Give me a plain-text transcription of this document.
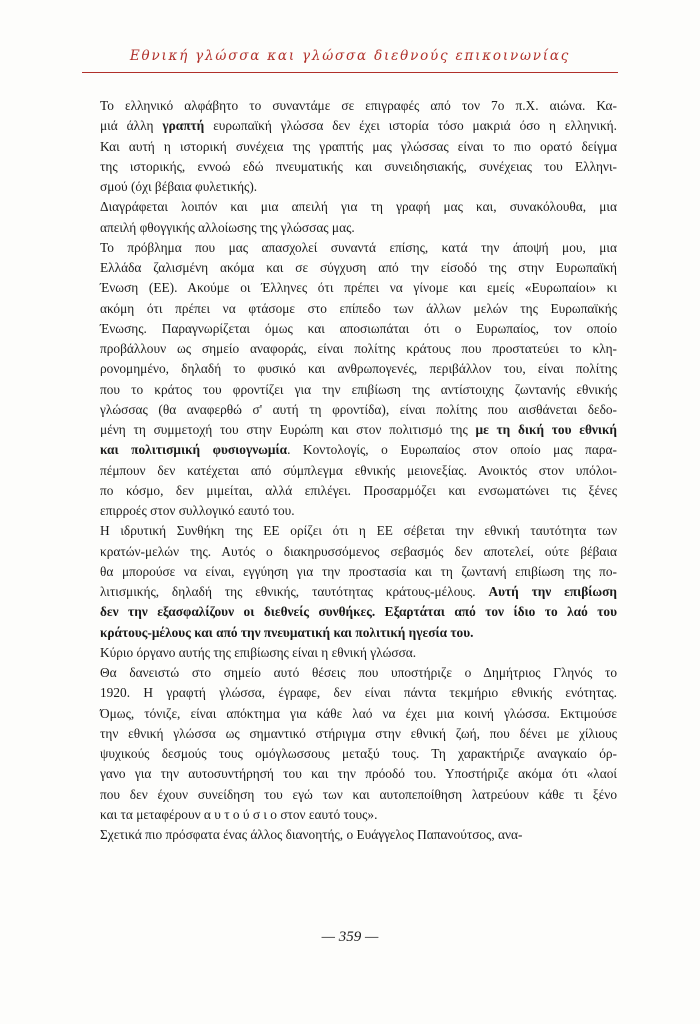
Εθνική γλώσσα και γλώσσα διεθνούς επικοινωνίας

Το ελληνικό αλφάβητο το συναντάμε σε επιγραφές από τον 7ο π.Χ. αιώνα. Κα-
μιά άλλη γραπτή ευρωπαϊκή γλώσσα δεν έχει ιστορία τόσο μακριά όσο η ελληνική.
Και αυτή η ιστορική συνέχεια της γραπτής μας γλώσσας είναι το πιο ορατό δείγμα
της ιστορικής, εννοώ εδώ πνευματικής και συνειδησιακής, συνέχειας του Ελληνι-
σμού (όχι βέβαια φυλετικής).

Διαγράφεται λοιπόν και μια απειλή για τη γραφή μας και, συνακόλουθα, μια
απειλή φθογγικής αλλοίωσης της γλώσσας μας.

Το πρόβλημα που μας απασχολεί συναντά επίσης, κατά την άποψή μου, μια
Ελλάδα ζαλισμένη ακόμα και σε σύγχυση από την είσοδό της στην Ευρωπαϊκή
Ένωση (ΕΕ). Ακούμε οι Έλληνες ότι πρέπει να γίνομε και εμείς «Ευρωπαίοι» κι
ακόμη ότι πρέπει να φτάσομε στο επίπεδο των άλλων μελών της Ευρωπαϊκής
Ένωσης. Παραγνωρίζεται όμως και αποσιωπάται ότι ο Ευρωπαίος, τον οποίο
προβάλλουν ως σημείο αναφοράς, είναι πολίτης κράτους που προστατεύει το κλη-
ρονομημένο, δηλαδή το φυσικό και ανθρωπογενές, περιβάλλον του, είναι πολίτης
που το κράτος του φροντίζει για την επιβίωση της αντίστοιχης ζωντανής εθνικής
γλώσσας (θα αναφερθώ σ' αυτή τη φροντίδα), είναι πολίτης που αισθάνεται δεδο-
μένη τη συμμετοχή του στην Ευρώπη και στον πολιτισμό της με τη δική του εθνική
και πολιτισμική φυσιογνωμία. Κοντολογίς, ο Ευρωπαίος στον οποίο μας παρα-
πέμπουν δεν κατέχεται από σύμπλεγμα εθνικής μειονεξίας. Ανοικτός στον υπόλοι-
πο κόσμο, δεν μιμείται, αλλά επιλέγει. Προσαρμόζει και ενσωματώνει τις ξένες
επιρροές στον συλλογικό εαυτό του.

Η ιδρυτική Συνθήκη της ΕΕ ορίζει ότι η ΕΕ σέβεται την εθνική ταυτότητα των
κρατών-μελών της. Αυτός ο διακηρυσσόμενος σεβασμός δεν αποτελεί, ούτε βέβαια
θα μπορούσε να είναι, εγγύηση για την προστασία και τη ζωντανή επιβίωση της πο-
λιτισμικής, δηλαδή της εθνικής, ταυτότητας κράτους-μέλους. Αυτή την επιβίωση
δεν την εξασφαλίζουν οι διεθνείς συνθήκες. Εξαρτάται από τον ίδιο το λαό του
κράτους-μέλους και από την πνευματική και πολιτική ηγεσία του.

Κύριο όργανο αυτής της επιβίωσης είναι η εθνική γλώσσα.

Θα δανειστώ στο σημείο αυτό θέσεις που υποστήριζε ο Δημήτριος Γληνός το
1920. Η γραφτή γλώσσα, έγραφε, δεν είναι πάντα τεκμήριο εθνικής ενότητας.
Όμως, τόνιζε, είναι απόκτημα για κάθε λαό να έχει μια κοινή γλώσσα. Εκτιμούσε
την εθνική γλώσσα ως σημαντικό στήριγμα στην εθνική ζωή, που δένει με χίλιους
ψυχικούς δεσμούς τους ομόγλωσσους μεταξύ τους. Τη χαρακτήριζε αναγκαίο όρ-
γανο για την αυτοσυντήρησή του και την πρόοδό του. Υποστήριζε ακόμα ότι «λαοί
που δεν έχουν συνείδηση του εγώ των και αυτοπεποίθηση λατρεύουν κάθε τι ξένο
και τα μεταφέρουν α υ τ ο ύ σ ι ο στον εαυτό τους».

Σχετικά πιο πρόσφατα ένας άλλος διανοητής, ο Ευάγγελος Παπανούτσος, ανα-

— 359 —
